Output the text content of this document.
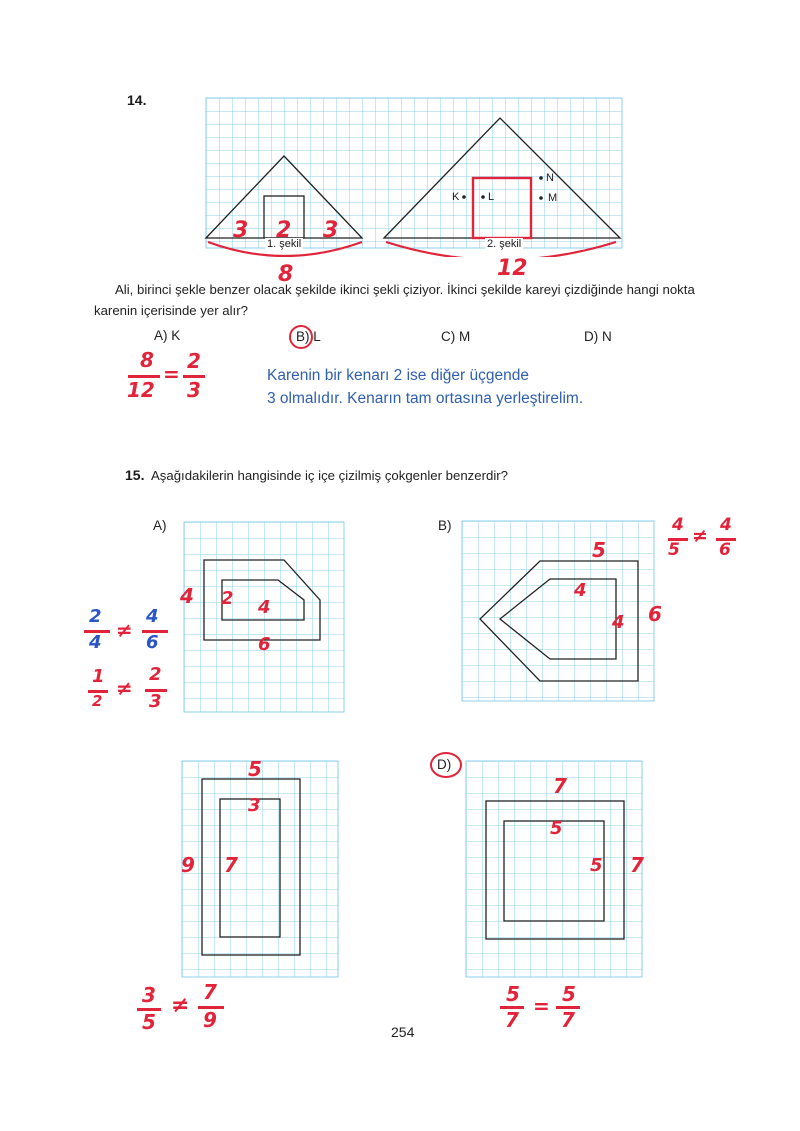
14.
K	L	M
N
1. şekil	2. şekil
3 2 3
8	12
Ali, birinci şekle benzer olacak şekilde ikinci şekli çiziyor. İkinci şekilde kareyi çizdiğinde hangi nokta
karenin içerisinde yer alır?
A) K	B) L	C) M	D) N
8
12
=
2
3
Karenin bir kenarı 2 ise diğer üçgende
3 olmalıdır. Kenarın tam ortasına yerleştirelim.
15. Aşağıdakilerin hangisinde iç içe çizilmiş çokgenler benzerdir?
A)
4 2 4
6
2
4
≠
4
6
1
2
≠
2
3
B)
5
4
4 6
4
5
≠ 4
6
5
3
9 7
3
5
≠
7
9
D)
7
5
5 7
5
7
= 5
7
254
